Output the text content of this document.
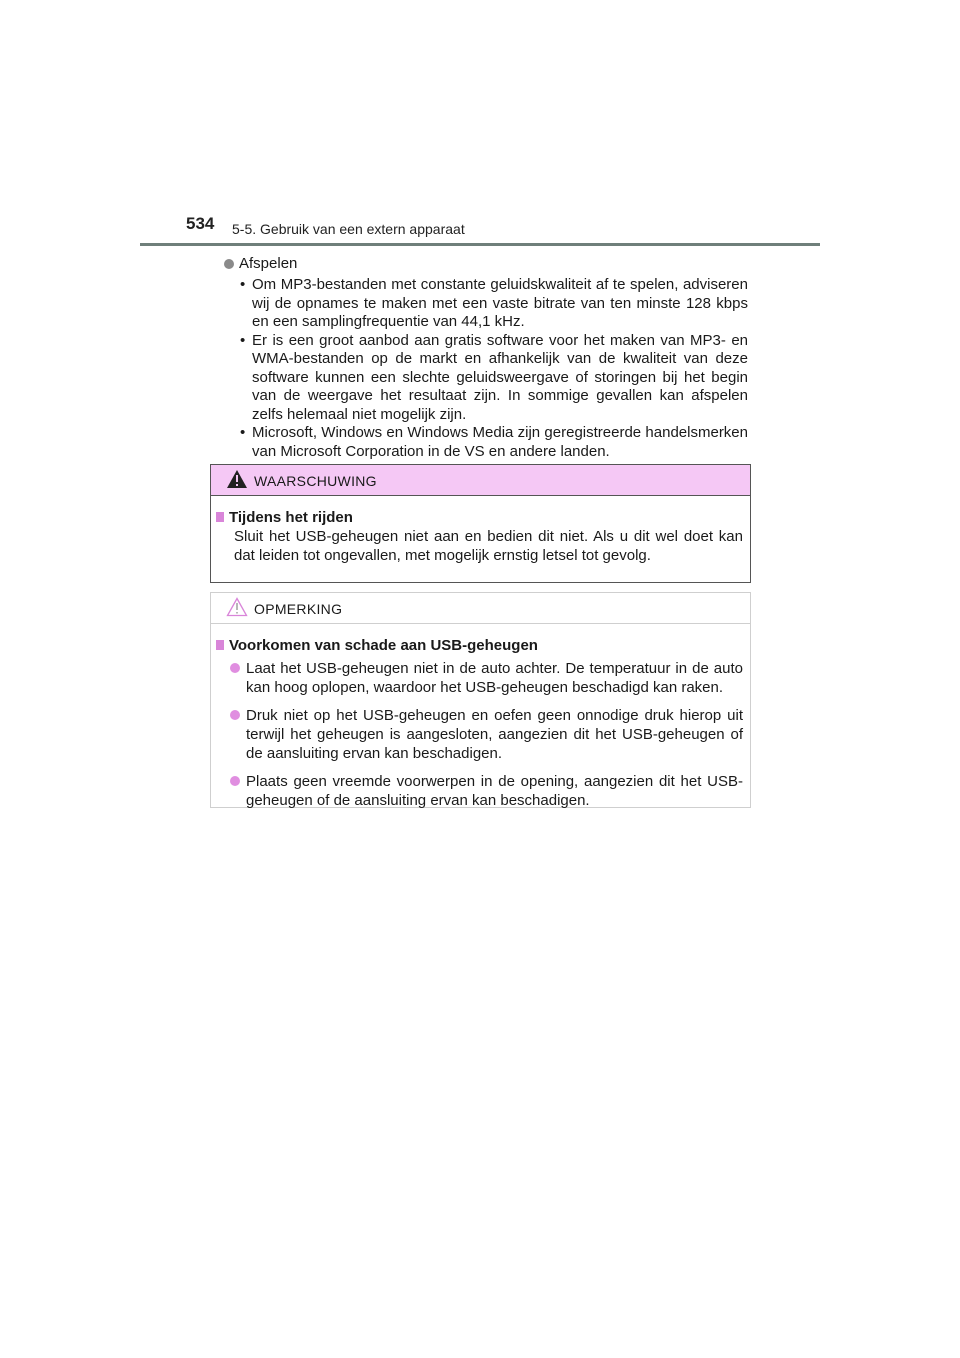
534 5-5. Gebruik van een extern apparaat
Afspelen
• Om MP3-bestanden met constante geluidskwaliteit af te spelen, adviseren wij de opnames te maken met een vaste bitrate van ten minste 128 kbps en een samplingfrequentie van 44,1 kHz.
• Er is een groot aanbod aan gratis software voor het maken van MP3- en WMA-bestanden op de markt en afhankelijk van de kwaliteit van deze software kunnen een slechte geluidsweergave of storingen bij het begin van de weergave het resultaat zijn. In sommige gevallen kan afspelen zelfs helemaal niet mogelijk zijn.
• Microsoft, Windows en Windows Media zijn geregistreerde handelsmerken van Microsoft Corporation in de VS en andere landen.
WAARSCHUWING
Tijdens het rijden
Sluit het USB-geheugen niet aan en bedien dit niet. Als u dit wel doet kan dat leiden tot ongevallen, met mogelijk ernstig letsel tot gevolg.
OPMERKING
Voorkomen van schade aan USB-geheugen
Laat het USB-geheugen niet in de auto achter. De temperatuur in de auto kan hoog oplopen, waardoor het USB-geheugen beschadigd kan raken.
Druk niet op het USB-geheugen en oefen geen onnodige druk hierop uit terwijl het geheugen is aangesloten, aangezien dit het USB-geheugen of de aansluiting ervan kan beschadigen.
Plaats geen vreemde voorwerpen in de opening, aangezien dit het USB-geheugen of de aansluiting ervan kan beschadigen.
